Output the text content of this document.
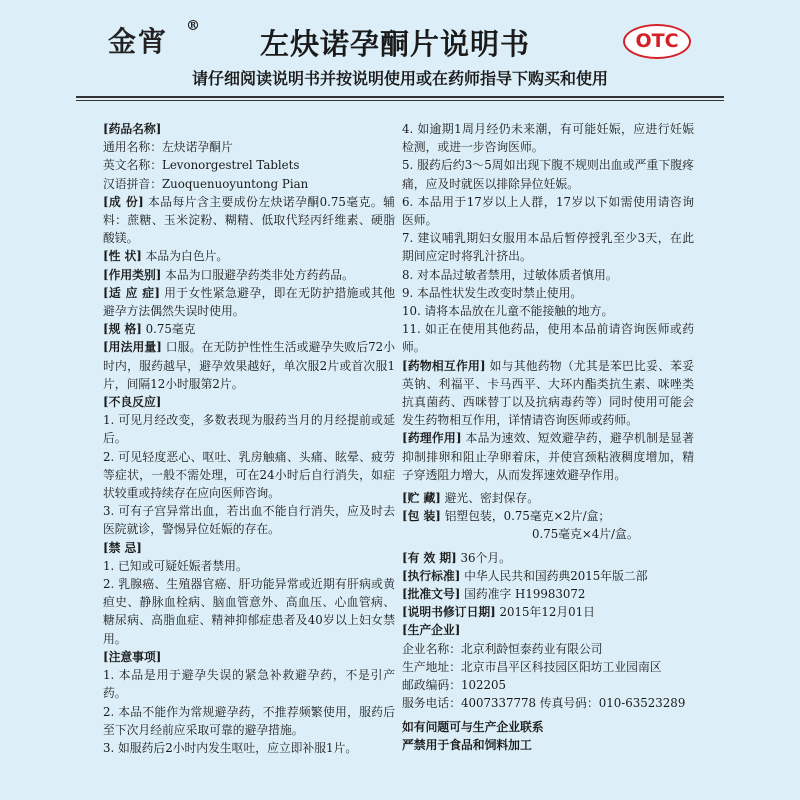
金宵 ®
左炔诺孕酮片说明书	OTC
请仔细阅读说明书并按说明使用或在药师指导下购买和使用

[药品名称]

通用名称：左炔诺孕酮片

英文名称：Levonorgestrel Tablets

汉语拼音：Zuoquenuoyuntong Pian

[成 份] 本品每片含主要成份左炔诺孕酮0.75毫克。辅料：蔗糖、玉米淀粉、糊精、低取代羟丙纤维素、硬脂酸镁。

[性 状] 本品为白色片。

[作用类别] 本品为口服避孕药类非处方药药品。

[适 应 症] 用于女性紧急避孕，即在无防护措施或其他避孕方法偶然失误时使用。

[规 格] 0.75毫克

[用法用量] 口服。在无防护性性生活或避孕失败后72小时内，服药越早，避孕效果越好，单次服2片或首次服1片，间隔12小时服第2片。

[不良反应]

1. 可见月经改变，多数表现为服药当月的月经提前或延后。

2. 可见轻度恶心、呕吐、乳房触痛、头痛、眩晕、疲劳等症状，一般不需处理，可在24小时后自行消失，如症状较重或持续存在应向医师咨询。

3. 可有子宫异常出血，若出血不能自行消失，应及时去医院就诊，警惕异位妊娠的存在。

[禁 忌]

1. 已知或可疑妊娠者禁用。

2. 乳腺癌、生殖器官癌、肝功能异常或近期有肝病或黄疸史、静脉血栓病、脑血管意外、高血压、心血管病、糖尿病、高脂血症、精神抑郁症患者及40岁以上妇女禁用。

[注意事项]

1. 本品是用于避孕失误的紧急补救避孕药，不是引产药。

2. 本品不能作为常规避孕药，不推荐频繁使用，服药后至下次月经前应采取可靠的避孕措施。

3. 如服药后2小时内发生呕吐，应立即补服1片。

4. 如逾期1周月经仍未来潮，有可能妊娠，应进行妊娠检测，或进一步咨询医师。

5. 服药后约3～5周如出现下腹不规则出血或严重下腹疼痛，应及时就医以排除异位妊娠。

6. 本品用于17岁以上人群，17岁以下如需使用请咨询医师。

7. 建议哺乳期妇女服用本品后暂停授乳至少3天，在此期间应定时将乳汁挤出。

8. 对本品过敏者禁用，过敏体质者慎用。

9. 本品性状发生改变时禁止使用。

10. 请将本品放在儿童不能接触的地方。

11. 如正在使用其他药品，使用本品前请咨询医师或药师。

[药物相互作用] 如与其他药物（尤其是苯巴比妥、苯妥英钠、利福平、卡马西平、大环内酯类抗生素、咪唑类抗真菌药、西咪替丁以及抗病毒药等）同时使用可能会发生药物相互作用，详情请咨询医师或药师。

[药理作用] 本品为速效、短效避孕药，避孕机制是显著抑制排卵和阻止孕卵着床，并使宫颈粘液稠度增加，精子穿透阻力增大，从而发挥速效避孕作用。

[贮 藏] 避光、密封保存。

[包 装] 铝塑包装，0.75毫克×2片/盒；

0.75毫克×4片/盒。

[有 效 期] 36个月。

[执行标准] 中华人民共和国药典2015年版二部

[批准文号] 国药准字 H19983072

[说明书修订日期] 2015年12月01日

[生产企业]

企业名称：北京利龄恒泰药业有限公司

生产地址：北京市昌平区科技园区阳坊工业园南区

邮政编码：102205

服务电话：4007337778 传真号码：010-63523289

如有问题可与生产企业联系

严禁用于食品和饲料加工
